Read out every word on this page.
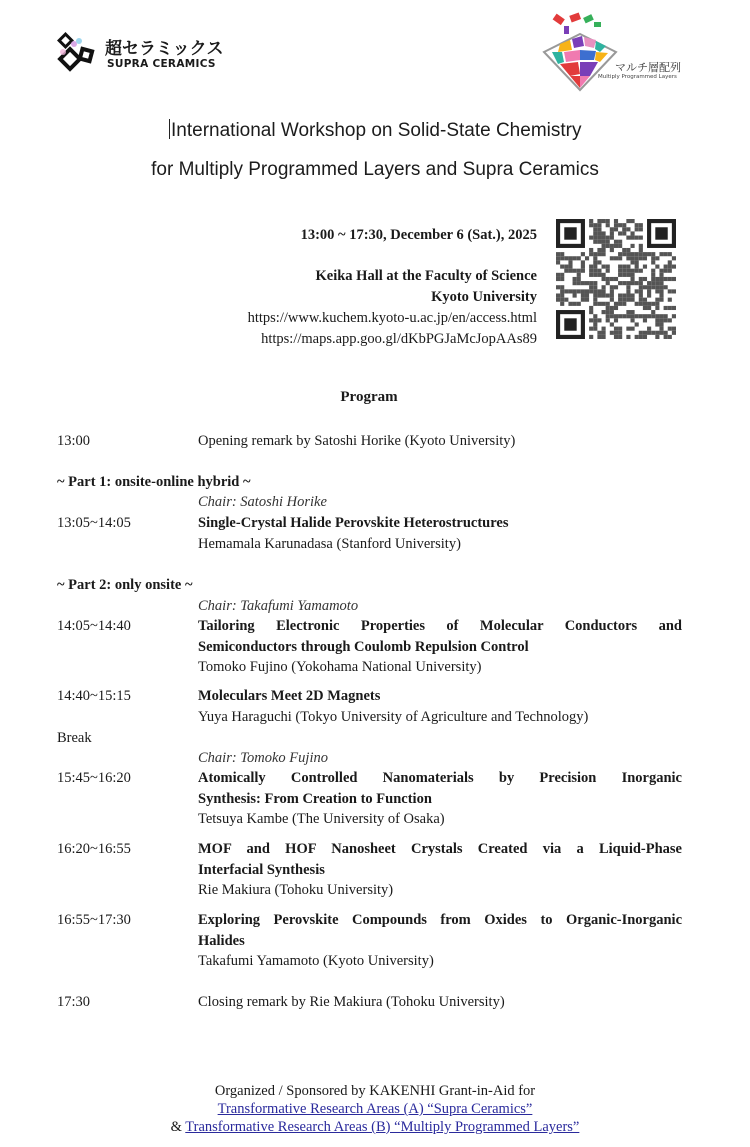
超セラミックス
SUPRA CERAMICS	マルチ層配列
Multiply Programmed Layers
International Workshop on Solid-State Chemistry
for Multiply Programmed Layers and Supra Ceramics
13:00 ~ 17:30, December 6 (Sat.), 2025
Keika Hall at the Faculty of Science
Kyoto University
https://www.kuchem.kyoto-u.ac.jp/en/access.html
https://maps.app.goo.gl/dKbPGJaMcJopAAs89
Program
13:00	Opening remark by Satoshi Horike (Kyoto University)
~ Part 1: onsite-online hybrid ~
Chair: Satoshi Horike
13:05~14:05	Single-Crystal Halide Perovskite Heterostructures
Hemamala Karunadasa (Stanford University)
~ Part 2: only onsite ~
Chair: Takafumi Yamamoto
14:05~14:40	Tailoring Electronic Properties of Molecular Conductors and
Semiconductors through Coulomb Repulsion Control
Tomoko Fujino (Yokohama National University)
14:40~15:15	Moleculars Meet 2D Magnets
Yuya Haraguchi (Tokyo University of Agriculture and Technology)
Break
Chair: Tomoko Fujino
15:45~16:20	Atomically Controlled Nanomaterials by Precision Inorganic
Synthesis: From Creation to Function
Tetsuya Kambe (The University of Osaka)
16:20~16:55	MOF and HOF Nanosheet Crystals Created via a Liquid-Phase
Interfacial Synthesis
Rie Makiura (Tohoku University)
16:55~17:30	Exploring Perovskite Compounds from Oxides to Organic-Inorganic
Halides
Takafumi Yamamoto (Kyoto University)
17:30	Closing remark by Rie Makiura (Tohoku University)
Organized / Sponsored by KAKENHI Grant-in-Aid for
Transformative Research Areas (A) “Supra Ceramics”
& Transformative Research Areas (B) “Multiply Programmed Layers”
